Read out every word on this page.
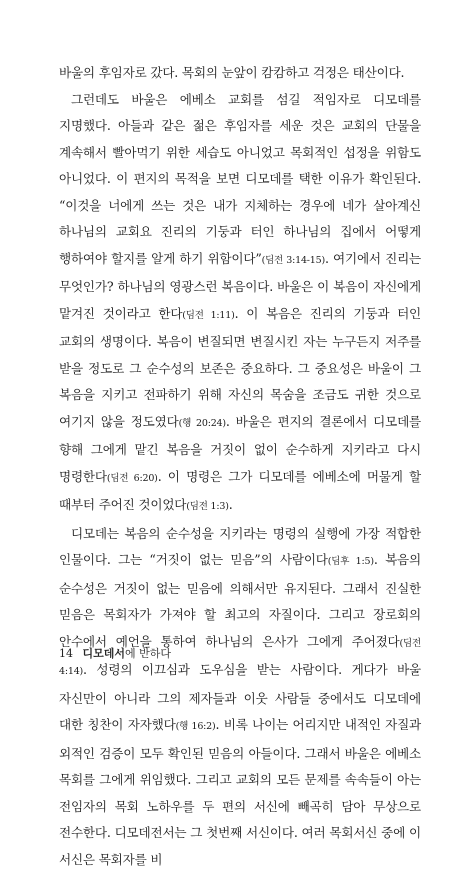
바울의 후임자로 갔다. 목회의 눈앞이 캄캄하고 걱정은 태산이다.

그런데도 바울은 에베소 교회를 섬길 적임자로 디모데를 지명했다. 아들과 같은 젊은 후임자를 세운 것은 교회의 단물을 계속해서 빨아먹기 위한 세습도 아니었고 목회적인 섭정을 위함도 아니었다. 이 편지의 목적을 보면 디모데를 택한 이유가 확인된다. “이것을 너에게 쓰는 것은 내가 지체하는 경우에 네가 살아계신 하나님의 교회요 진리의 기둥과 터인 하나님의 집에서 어떻게 행하여야 할지를 알게 하기 위함이다”(딤전 3:14-15). 여기에서 진리는 무엇인가? 하나님의 영광스런 복음이다. 바울은 이 복음이 자신에게 맡겨진 것이라고 한다(딤전 1:11). 이 복음은 진리의 기둥과 터인 교회의 생명이다. 복음이 변질되면 변질시킨 자는 누구든지 저주를 받을 정도로 그 순수성의 보존은 중요하다. 그 중요성은 바울이 그 복음을 지키고 전파하기 위해 자신의 목숨을 조금도 귀한 것으로 여기지 않을 정도였다(행 20:24). 바울은 편지의 결론에서 디모데를 향해 그에게 맡긴 복음을 거짓이 없이 순수하게 지키라고 다시 명령한다(딤전 6:20). 이 명령은 그가 디모데를 에베소에 머물게 할 때부터 주어진 것이었다(딤전 1:3).

디모데는 복음의 순수성을 지키라는 명령의 실행에 가장 적합한 인물이다. 그는 “거짓이 없는 믿음”의 사람이다(딤후 1:5). 복음의 순수성은 거짓이 없는 믿음에 의해서만 유지된다. 그래서 진실한 믿음은 목회자가 가져야 할 최고의 자질이다. 그리고 장로회의 안수에서 예언을 통하여 하나님의 은사가 그에게 주어졌다(딤전 4:14). 성령의 이끄심과 도우심을 받는 사람이다. 게다가 바울 자신만이 아니라 그의 제자들과 이웃 사람들 중에서도 디모데에 대한 칭찬이 자자했다(행 16:2). 비록 나이는 어리지만 내적인 자질과 외적인 검증이 모두 확인된 믿음의 아들이다. 그래서 바울은 에베소 목회를 그에게 위임했다. 그리고 교회의 모든 문제를 속속들이 아는 전임자의 목회 노하우를 두 편의 서신에 빼곡히 담아 무상으로 전수한다. 디모데전서는 그 첫번째 서신이다. 여러 목회서신 중에 이 서신은 목회자를 비

14 디모데서에 반하다
